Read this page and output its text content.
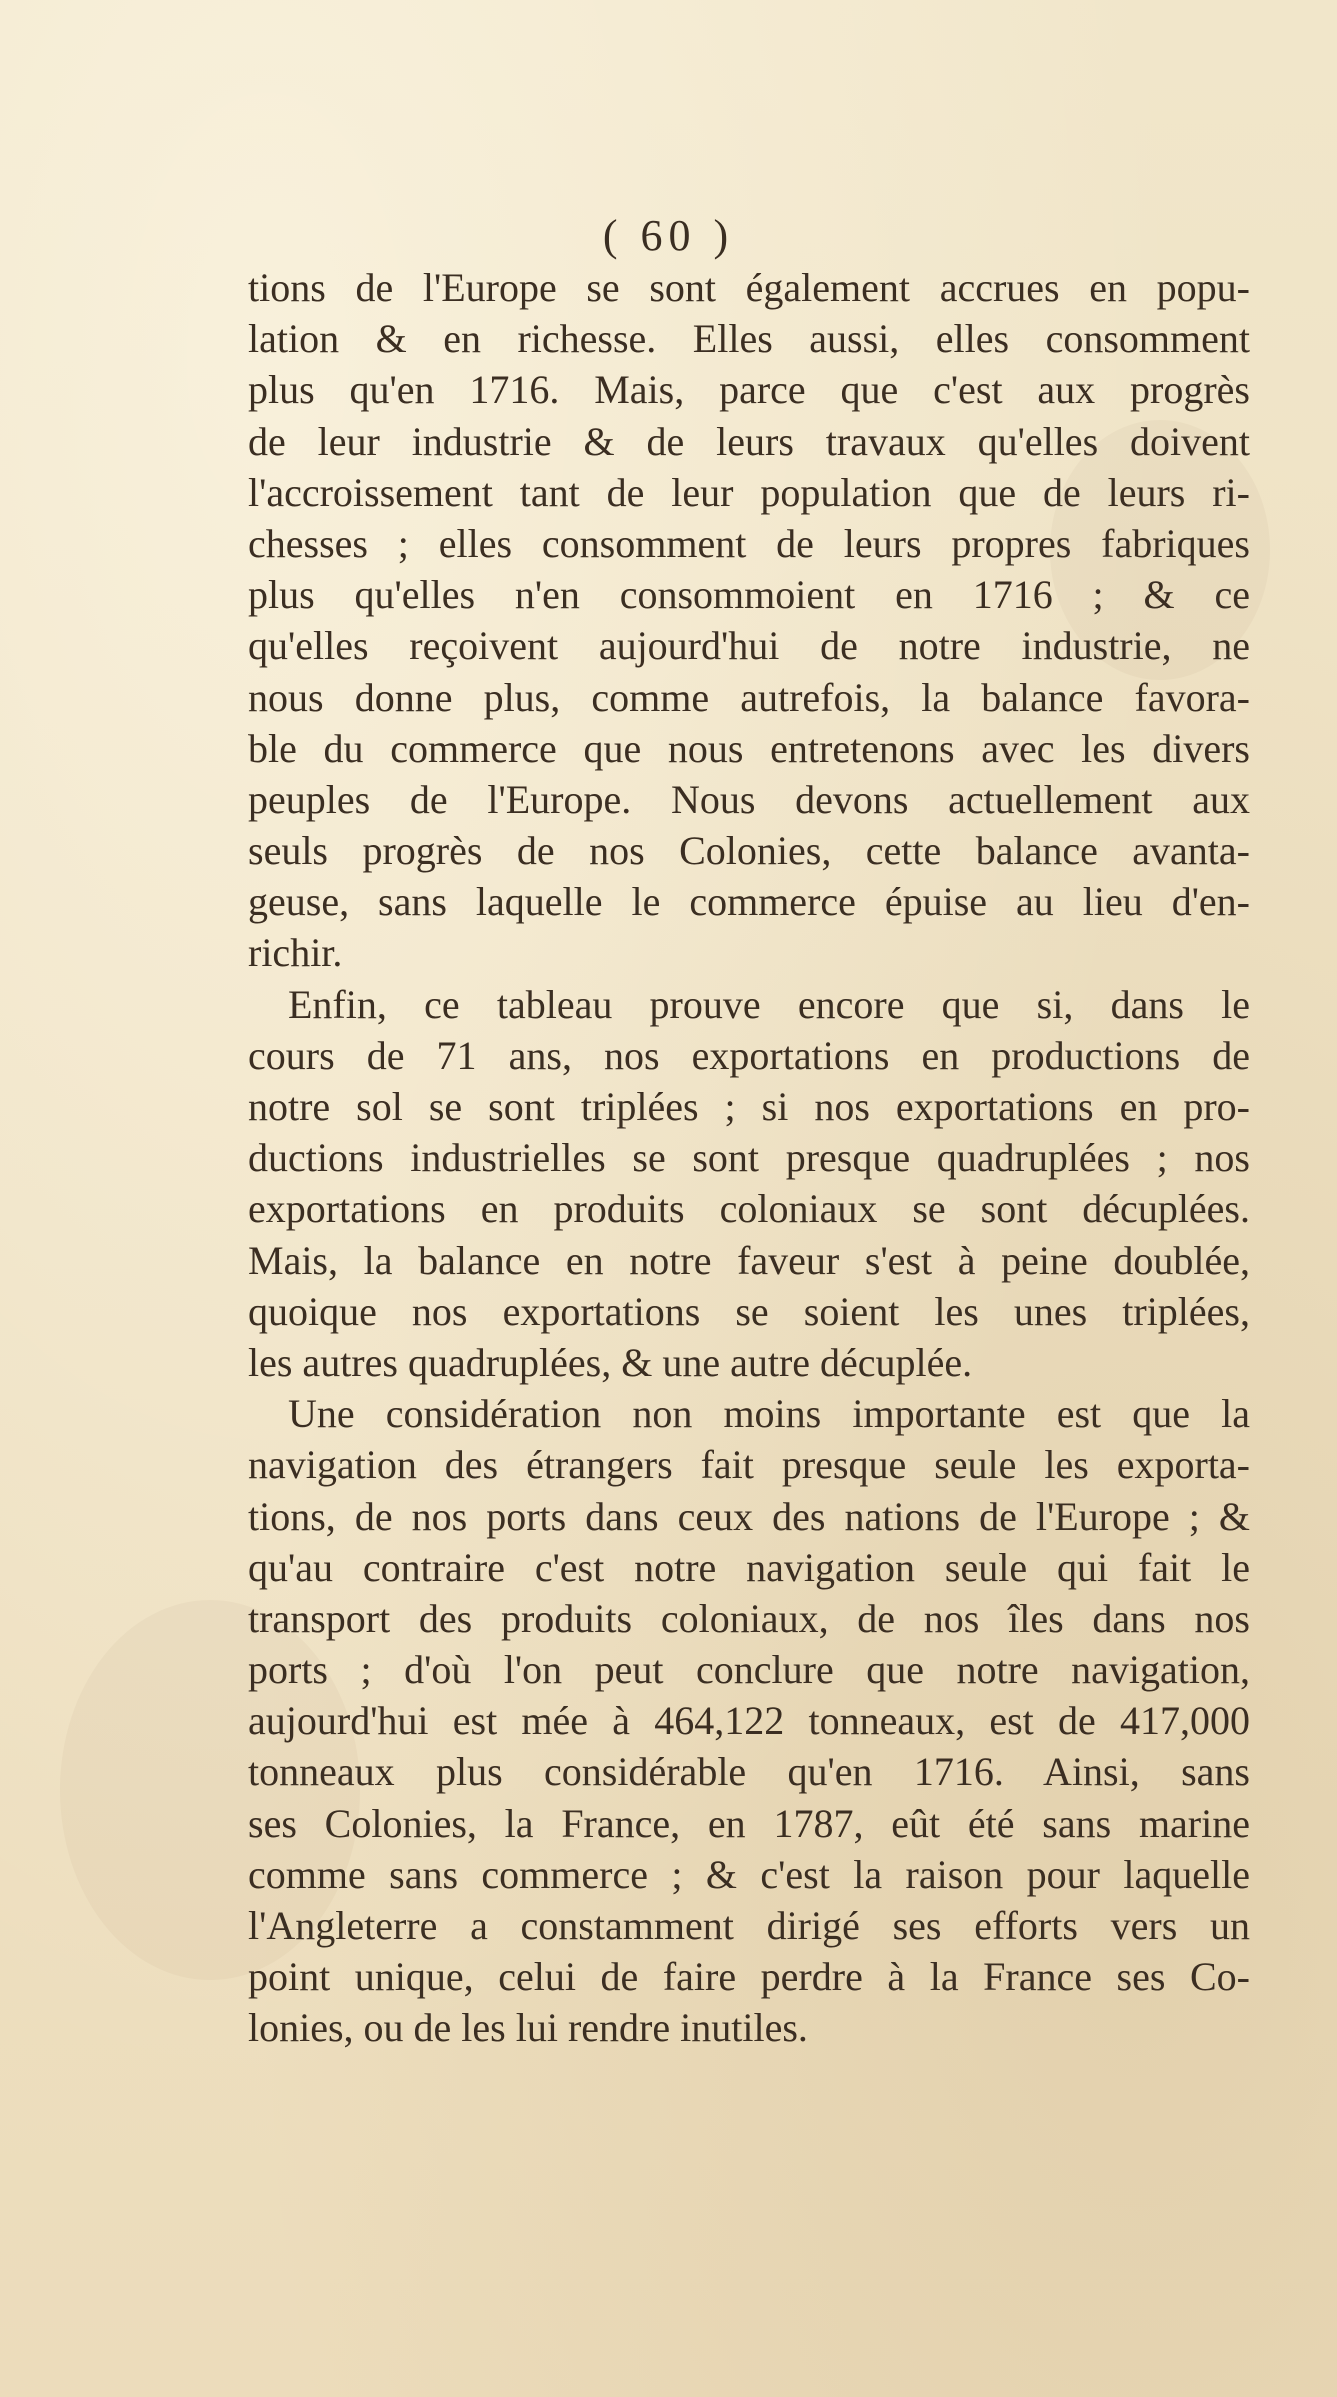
( 60 )
tions de l'Europe se sont également accrues en popu-
lation & en richesse. Elles aussi, elles consomment
plus qu'en 1716. Mais, parce que c'est aux progrès
de leur industrie & de leurs travaux qu'elles doivent
l'accroissement tant de leur population que de leurs ri-
chesses ; elles consomment de leurs propres fabriques
plus qu'elles n'en consommoient en 1716 ; & ce
qu'elles reçoivent aujourd'hui de notre industrie, ne
nous donne plus, comme autrefois, la balance favora-
ble du commerce que nous entretenons avec les divers
peuples de l'Europe. Nous devons actuellement aux
seuls progrès de nos Colonies, cette balance avanta-
geuse, sans laquelle le commerce épuise au lieu d'en-
richir.
Enfin, ce tableau prouve encore que si, dans le
cours de 71 ans, nos exportations en productions de
notre sol se sont triplées ; si nos exportations en pro-
ductions industrielles se sont presque quadruplées ; nos
exportations en produits coloniaux se sont décuplées.
Mais, la balance en notre faveur s'est à peine doublée,
quoique nos exportations se soient les unes triplées,
les autres quadruplées, & une autre décuplée.
Une considération non moins importante est que la
navigation des étrangers fait presque seule les exporta-
tions, de nos ports dans ceux des nations de l'Europe ; &
qu'au contraire c'est notre navigation seule qui fait le
transport des produits coloniaux, de nos îles dans nos
ports ; d'où l'on peut conclure que notre navigation,
aujourd'hui est mée à 464,122 tonneaux, est de 417,000
tonneaux plus considérable qu'en 1716. Ainsi, sans
ses Colonies, la France, en 1787, eût été sans marine
comme sans commerce ; & c'est la raison pour laquelle
l'Angleterre a constamment dirigé ses efforts vers un
point unique, celui de faire perdre à la France ses Co-
lonies, ou de les lui rendre inutiles.
